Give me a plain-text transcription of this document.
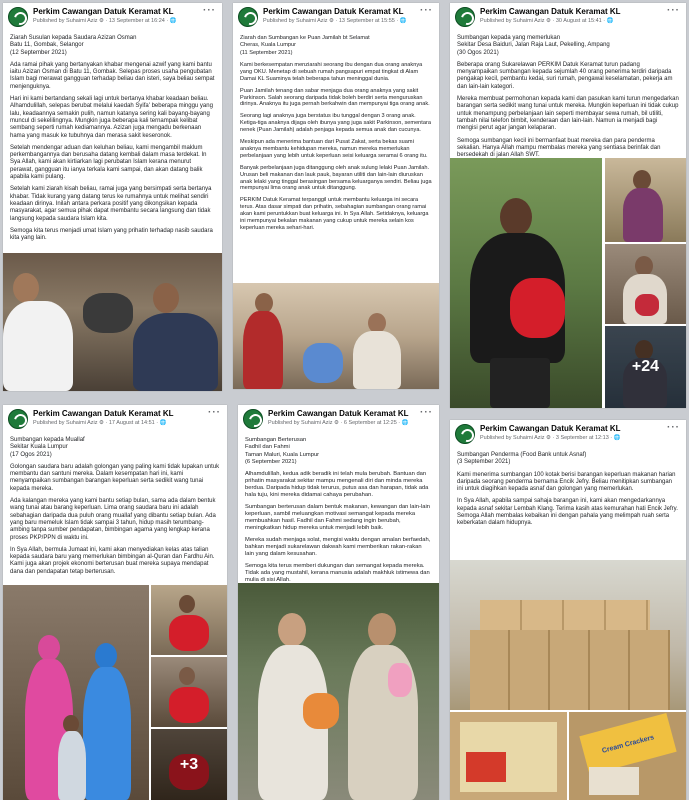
Perkim Cawangan Datuk Keramat KL
Published by Suhaimi Aziz ⚙ · 13 September at 16:24 · 🌐
···
Ziarah Susulan kepada Saudara Azizan Osman
Batu 11, Gombak, Selangor
(12 September 2021)

Ada ramai pihak yang bertanyakan khabar mengenai azwif yang kami bantu iaitu Azizan Osman di Batu 11, Gombak. Selepas proses usaha pengubatan Islam bagi merawat gangguan terhadap beliau dan isteri, saya beliau sempat menjenguknya.

Hari ini kami bertandang sekali lagi untuk bertanya khabar keadaan beliau. Alhamdulillah, selepas berubat melalui kaedah Syifa' beberapa minggu yang lalu, keadaannya semakin pulih, namun katanya sering kali bayang-bayang muncul di sekelilingnya. Mungkin juga beberapa kali ternampak kelibat sembang seperti rumah kediamannya. Azizan juga mengadu berkenaan hama yang masuk ke tubuhnya dan merasa sakit keseronok.

Setelah mendengar aduan dan keluhan beliau, kami mengambil maklum perkembangannya dan berusaha datang kembali dalam masa terdekat. In Sya Allah, kami akan kirtiarkan lagi perubatan Islam kerana menurut perawat, gangguan itu ianya terkala kami sampai, dan akan datang balik apabila kami pulang.

Setelah kami ziarah kisah beliau, ramai juga yang bersimpati serta bertanya khabar. Tidak kurang yang datang terus ke rumahnya untuk melihat sendiri keadaan dirinya. Inilah antara perkara positif yang dikongsikan kepada masyarakat, agar semua pihak dapat membantu secara langsung dan tidak langsung kepada saudara Islam kita.

Semoga kita terus menjadi umat Islam yang prihatin terhadap nasib saudara kita yang lain.

Perkim Cawangan Datuk Keramat KL
Published by Suhaimi Aziz ⚙ · 13 September at 15:55 · 🌐
···
Ziarah dan Sumbangan ke Puan Jamilah bt Selamat
Cheras, Kuala Lumpur
(11 September 2021)

Kami berkesempatan menziarahi seorang ibu dengan dua orang anaknya yang OKU. Menetap di sebuah rumah pangsapuri empat tingkat di Alam Damai KL Suaminya telah beberapa tahun meninggal dunia.

Puan Jamilah tenang dan sabar menjaga dua orang anaknya yang sakit Parkinson. Salah seorang daripada tidak boleh berdiri serta menguruskan dirinya. Anaknya itu juga pernah berkahwin dan mempunyai tiga orang anak.

Seorang lagi anaknya juga berstatus ibu tunggal dengan 3 orang anak. Ketiga-tiga anaknya dijaga oleh ibunya yang juga sakit Parkinson, sementara nenek (Puan Jamilah) adalah penjaga kepada semua anak dan cucunya.

Meskipun ada menerima bantuan dari Pusat Zakat, serta bekas suami anaknya membantu kehidupan mereka, namun mereka memerlukan perbelanjaan yang lebih untuk keperluan seisi keluarga seramai 6 orang itu.

Banyak perbelanjaan juga ditanggung oleh anak sulung lelaki Puan Jamilah. Urusan beli makanan dan lauk pauk, bayaran utiliti dan lain-lain diuruskan anak lelaki yang tinggal berasingan bersama keluarganya sendiri. Beliau juga mempunyai lima orang anak untuk ditanggung.

PERKIM Datuk Keramat terpanggil untuk membantu keluarga ini secara terus. Atas dasar simpati dan prihatin, sebahagian sumbangan orang ramai akan kami peruntukkan buat keluarga ini. In Sya Allah. Setidaknya, keluarga ini mempunyai bekalan makanan yang cukup untuk mereka selain kos keperluan mereka sehari-hari.

Perkim Cawangan Datuk Keramat KL
Published by Suhaimi Aziz ⚙ · 30 August at 15:41 · 🌐
···
Sumbangan kepada yang memerlukan
Sekitar Desa Baiduri, Jalan Raja Laut, Pekelling, Ampang
(30 Ogos 2021)

Beberapa orang Sukarelawan PERKIM Datuk Keramat turun padang menyampaikan sumbangan kepada sejumlah 40 orang penerima terdiri daripada pengakap kecil, pembantu kedai, suri rumah, pengawal keselamatan, pekerja am dan lain-lain kategori.

Mereka membuat permohonan kepada kami dan pasukan kami turun mengedarkan barangan serta sedikit wang tunai untuk mereka. Mungkin keperluan ini tidak cukup untuk menampung perbelanjaan lain seperti membayar sewa rumah, bil utiliti, tambah nilai telefon bimbit, kenderaan dan lain-lain. Namun ia menjadi bagi mengisi perut agar jangan kelaparan.

Semoga sumbangan kecil ini bermanfaat buat mereka dan para penderma sekalian. Hanya Allah mampu membalas mereka yang sentiasa berinfak dan bersedekah di jalan Allah SWT.

+24
Perkim Cawangan Datuk Keramat KL
Published by Suhaimi Aziz ⚙ · 17 August at 14:51 · 🌐
···
Sumbangan kepada Muallaf
Sekitar Kuala Lumpur
(17 Ogos 2021)

Golongan saudara baru adalah golongan yang paling kami tidak lupakan untuk membantu dan santuni mereka. Dalam kesempatan hari ini, kami menyampaikan sumbangan barangan keperluan serta sedikit wang tunai kepada mereka.

Ada kalangan mereka yang kami bantu setiap bulan, sama ada dalam bentuk wang tunai atau barang keperluan. Lima orang saudara baru ini adalah sebahagian daripada dua puluh orang muallaf yang dibantu setiap bulan. Ada yang baru memeluk Islam tidak sampai 3 tahun, hidup masih terumbang-ambing tanpa sumber pendapatan, bimbingan agama yang lengkap kerana proses PKP/PPN di waktu ini.

In Sya Allah, bermula Jumaat ini, kami akan menyediakan kelas atas talian kepada saudara baru yang memerlukan bimbingan al-Quran dan Fardhu Ain. Kami juga akan projek ekonomi berterusan buat mereka supaya mendapat dana dan pendapatan tetap berterusan.

+3
Perkim Cawangan Datuk Keramat KL
Published by Suhaimi Aziz ⚙ · 6 September at 12:25 · 🌐
···
Sumbangan Berterusan
Fadhil dan Fahmi
Taman Maluri, Kuala Lumpur
(6 September 2021)

Alhamdulillah, kedua adik beradik ini telah mula berubah. Bantuan dan prihatin masyarakat sekitar mampu mengenali diri dan minda mereka berdua. Daripada hidup tidak terurus, putus asa dan harapan, tidak ada hala tuju, kini mereka didamai cahaya perubahan.

Sumbangan berterusan dalam bentuk makanan, kewangan dan lain-lain keperluan, sambil meluangkan motivasi semangat kepada mereka membuahkan hasil. Fadhil dan Fahmi sedang ingin berubah, meningkatkan hidup mereka untuk menjadi lebih baik.

Mereka sudah menjaga solat, mengisi waktu dengan amalan berfaedah, bahkan menjadi sukarelawan dakwah kami memberikan rakan-rakan lain yang dalam kesusahan.

Semoga kita terus memberi dukungan dan semangat kepada mereka. Tidak ada yang mustahil, kerana manusia adalah makhluk istimewa dan mulia di sisi Allah.

Perkim Cawangan Datuk Keramat KL
Published by Suhaimi Aziz ⚙ · 3 September at 12:13 · 🌐
···
Sumbangan Penderma (Food Bank untuk Asnaf)
(3 September 2021)

Kami menerima sumbangan 100 kotak berisi barangan keperluan makanan harian daripada seorang penderma bernama Encik Jefry. Beliau menitipkan sumbangan ini untuk diagihkan kepada asnaf dan golongan yang memerlukan.

In Sya Allah, apabila sampai sahaja barangan ini, kami akan mengedarkannya kepada asnaf sekitar Lembah Klang. Terima kasih atas kemurahan hati Encik Jefry. Semoga Allah membalas kebaikan ini dengan pahala yang melimpah ruah serta keberkatan dalam hidupnya.

Cream Crackers
